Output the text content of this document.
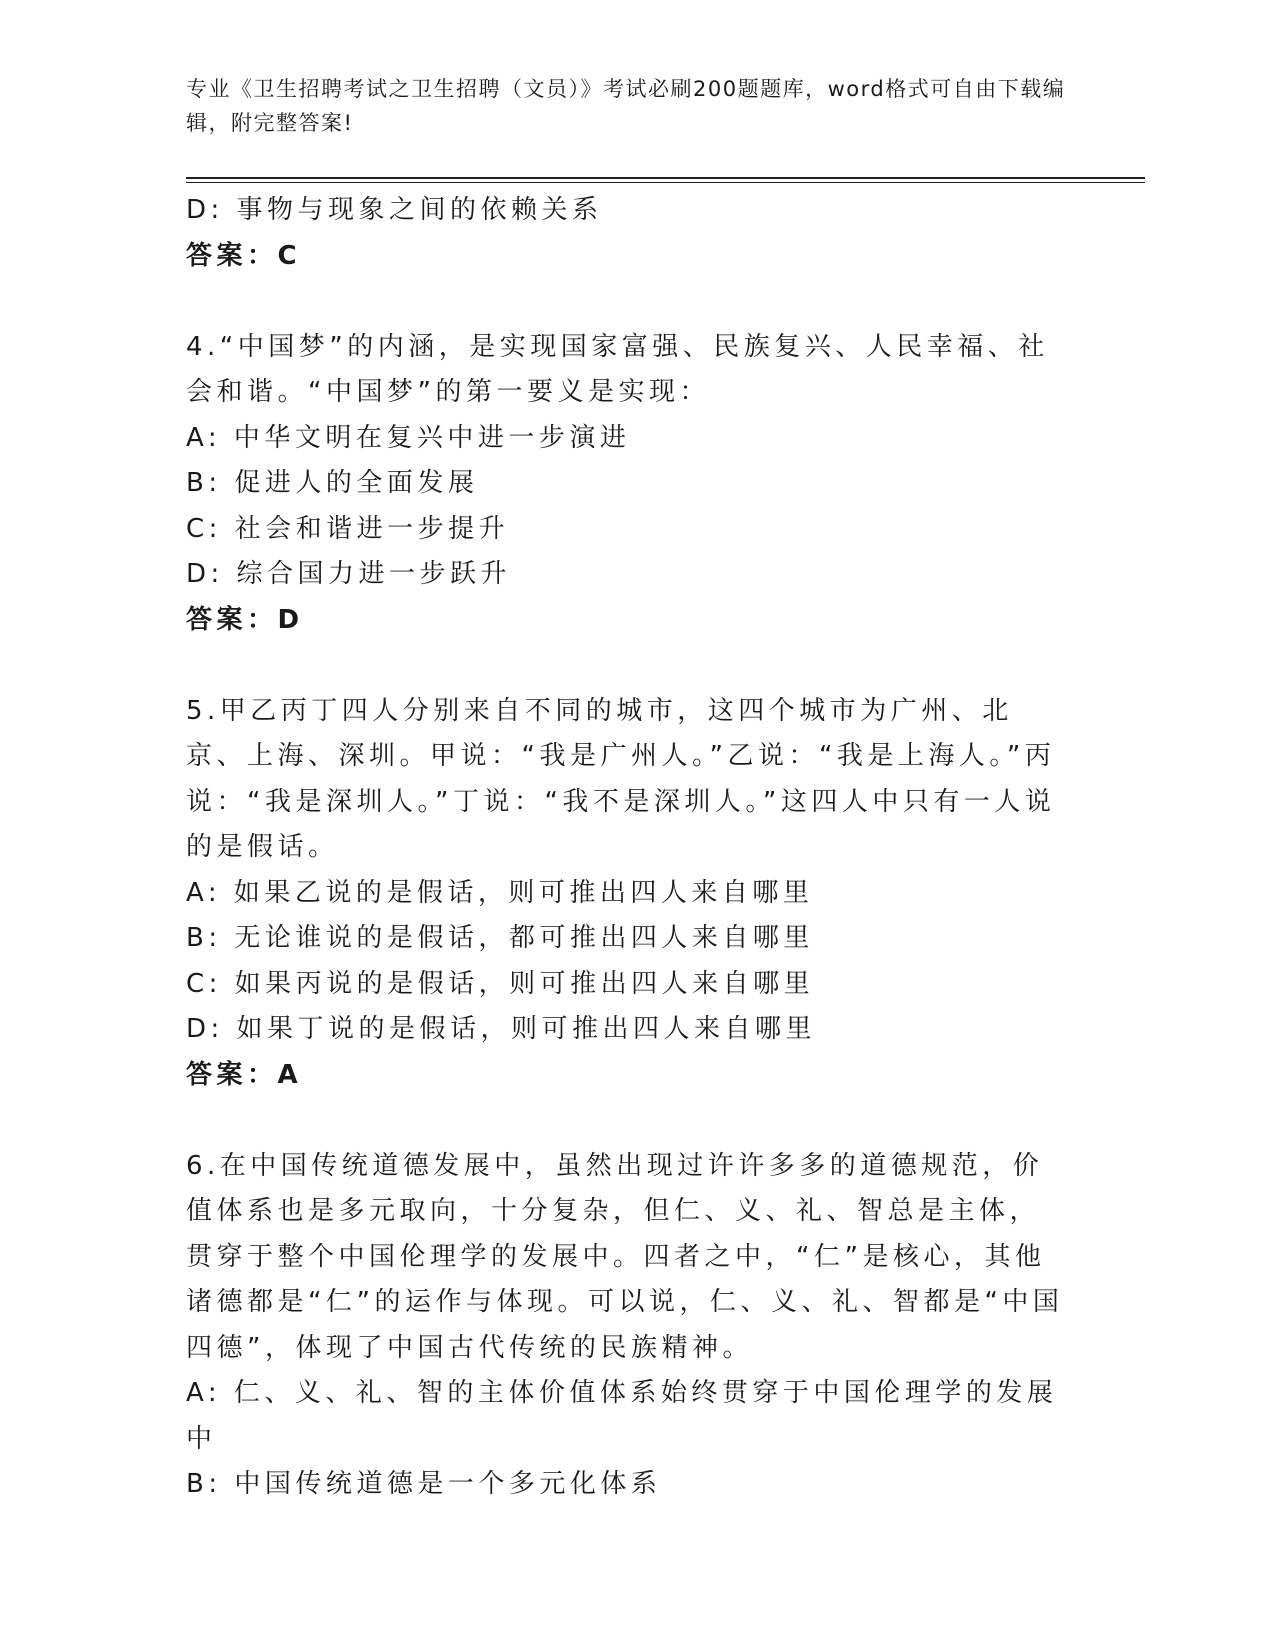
专业《卫生招聘考试之卫生招聘（文员）》考试必刷200题题库，word格式可自由下载编辑，附完整答案!
D: 事物与现象之间的依赖关系
答案：C
4.“中国梦”的内涵，是实现国家富强、民族复兴、人民幸福、社会和谐。“中国梦”的第一要义是实现：
A: 中华文明在复兴中进一步演进
B: 促进人的全面发展
C: 社会和谐进一步提升
D: 综合国力进一步跃升
答案：D
5.甲乙丙丁四人分别来自不同的城市，这四个城市为广州、北京、上海、深圳。甲说：“我是广州人。”乙说：“我是上海人。”丙说：“我是深圳人。”丁说：“我不是深圳人。”这四人中只有一人说的是假话。
A: 如果乙说的是假话，则可推出四人来自哪里
B: 无论谁说的是假话，都可推出四人来自哪里
C: 如果丙说的是假话，则可推出四人来自哪里
D: 如果丁说的是假话，则可推出四人来自哪里
答案：A
6.在中国传统道德发展中，虽然出现过许许多多的道德规范，价值体系也是多元取向，十分复杂，但仁、义、礼、智总是主体，贯穿于整个中国伦理学的发展中。四者之中，“仁”是核心，其他诸德都是“仁”的运作与体现。可以说，仁、义、礼、智都是“中国四德”，体现了中国古代传统的民族精神。
A: 仁、义、礼、智的主体价值体系始终贯穿于中国伦理学的发展中
B: 中国传统道德是一个多元化体系
